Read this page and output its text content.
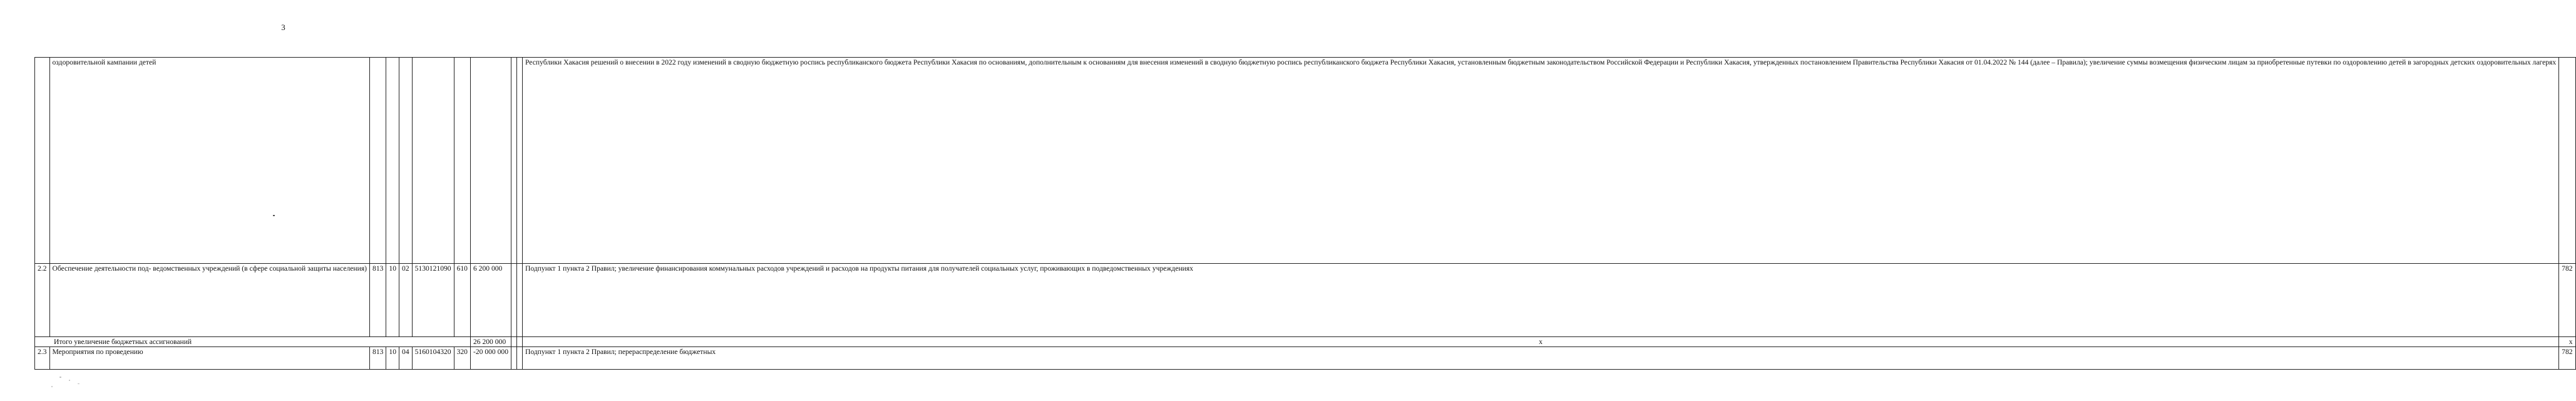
3
	оздоровительной кампании детей									Республики Хакасия решений о внесении в 2022 году изменений в сводную бюджетную роспись республиканского бюджета Республики Хакасия по основаниям, дополнительным к основаниям для внесения изменений в сводную бюджетную роспись республиканского бюджета Республики Хакасия, установленным бюджетным законодательством Российской Федерации и Республики Хакасия, утвержденных постановлением Правительства Республики Хакасия от 01.04.2022 № 144 (далее – Правила); увеличение суммы возмещения физическим лицам за приобретенные путевки по оздоровлению детей в загородных детских оздоровительных лагерях	
2.2	Обеспечение деятельности под- ведомственных учреждений (в сфере социальной защиты населения)	813	10	02	5130121090	610	6 200 000			Подпункт 1 пункта 2 Правил; увеличение финансирования коммунальных расходов учреждений и расходов на продукты питания для получателей социальных услуг, проживающих в подведомственных учреждениях	782
Итого увеличение бюджетных ассигнований							26 200 000			х	х
2.3	Мероприятия по проведению	813	10	04	5160104320	320	-20 000 000			Подпункт 1 пункта 2 Правил; перераспределение бюджетных	782
